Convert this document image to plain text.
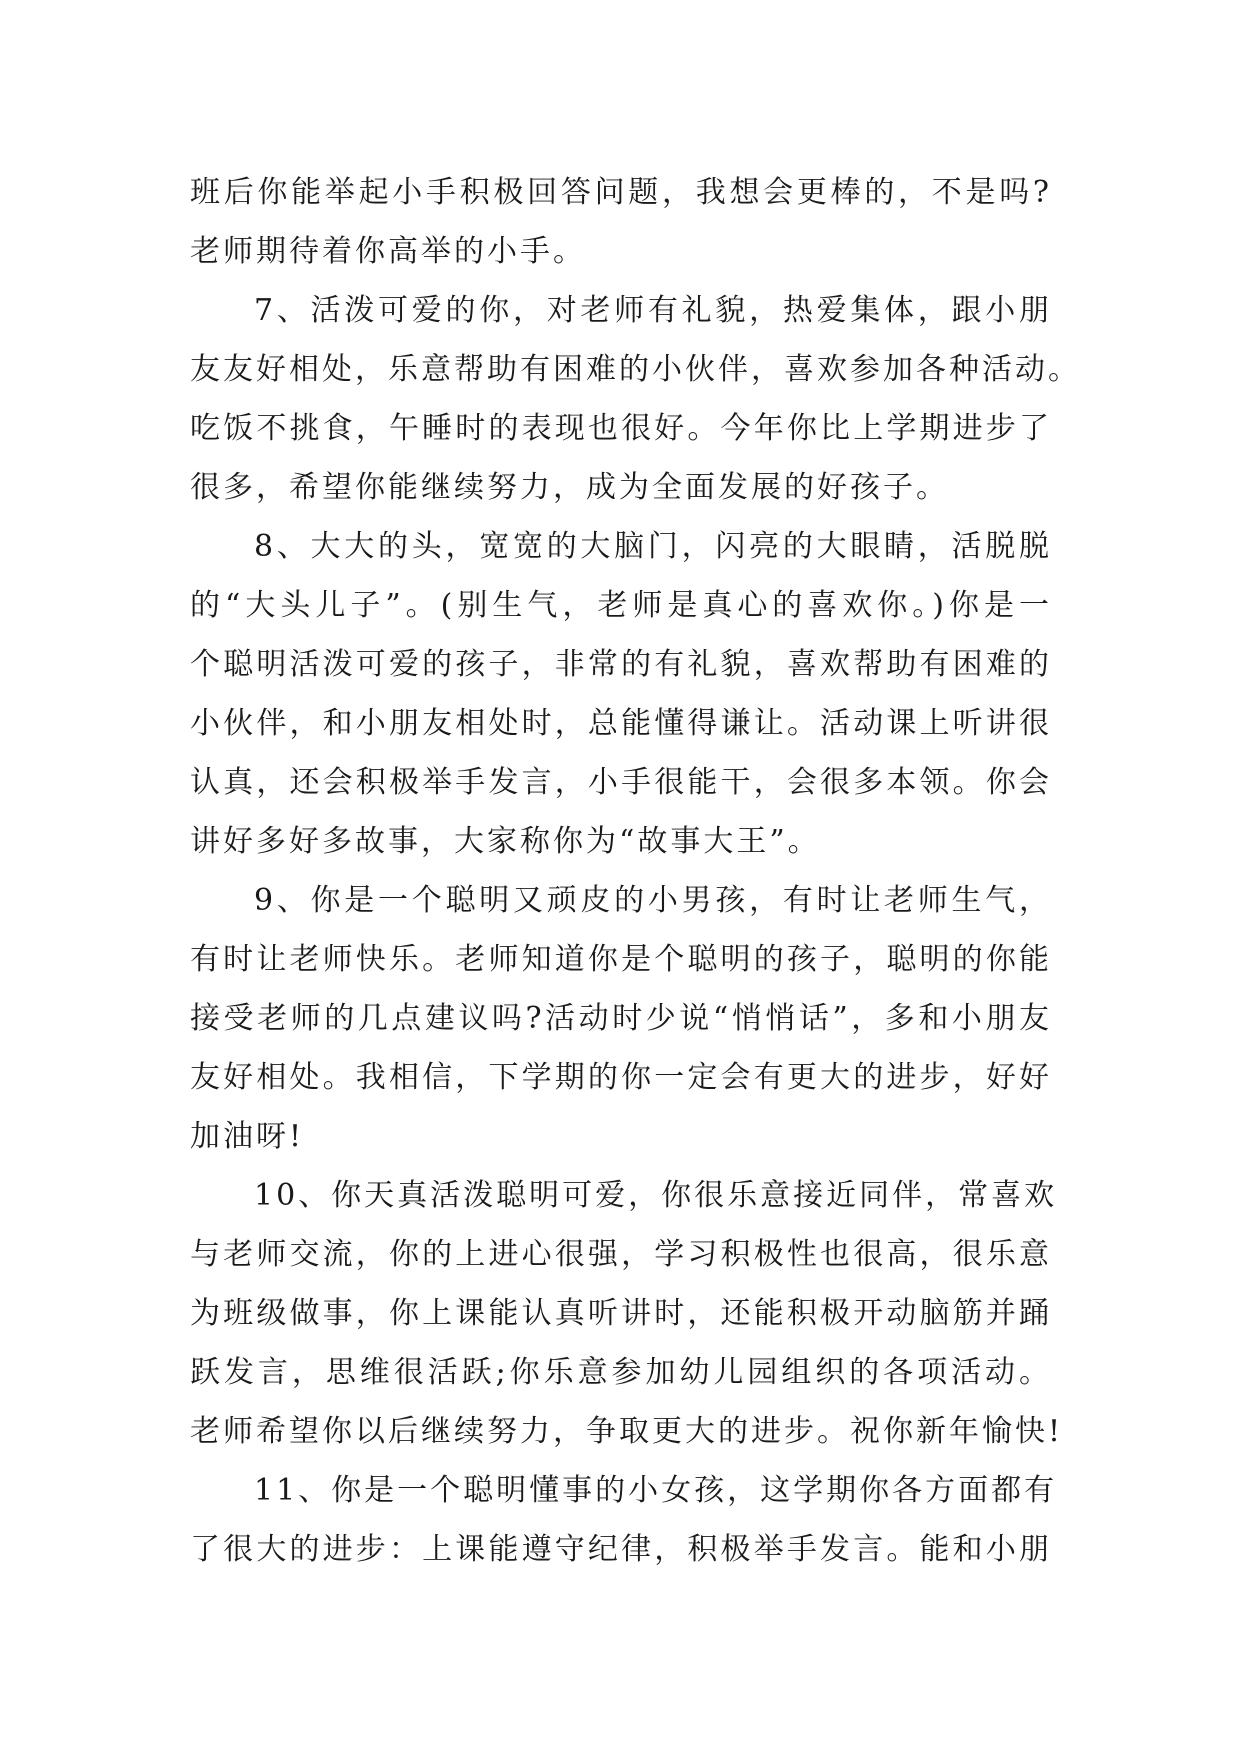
班后你能举起小手积极回答问题，我想会更棒的，不是吗?
老师期待着你高举的小手。
7、活泼可爱的你，对老师有礼貌，热爱集体，跟小朋
友友好相处，乐意帮助有困难的小伙伴，喜欢参加各种活动。
吃饭不挑食，午睡时的表现也很好。今年你比上学期进步了
很多，希望你能继续努力，成为全面发展的好孩子。
8、大大的头，宽宽的大脑门，闪亮的大眼睛，活脱脱
的“大头儿子”。(别生气，老师是真心的喜欢你。)你是一
个聪明活泼可爱的孩子，非常的有礼貌，喜欢帮助有困难的
小伙伴，和小朋友相处时，总能懂得谦让。活动课上听讲很
认真，还会积极举手发言，小手很能干，会很多本领。你会
讲好多好多故事，大家称你为“故事大王”。
9、你是一个聪明又顽皮的小男孩，有时让老师生气，
有时让老师快乐。老师知道你是个聪明的孩子，聪明的你能
接受老师的几点建议吗?活动时少说“悄悄话”，多和小朋友
友好相处。我相信，下学期的你一定会有更大的进步，好好
加油呀!
10、你天真活泼聪明可爱，你很乐意接近同伴，常喜欢
与老师交流，你的上进心很强，学习积极性也很高，很乐意
为班级做事，你上课能认真听讲时，还能积极开动脑筋并踊
跃发言，思维很活跃;你乐意参加幼儿园组织的各项活动。
老师希望你以后继续努力，争取更大的进步。祝你新年愉快!
11、你是一个聪明懂事的小女孩，这学期你各方面都有
了很大的进步：上课能遵守纪律，积极举手发言。能和小朋
